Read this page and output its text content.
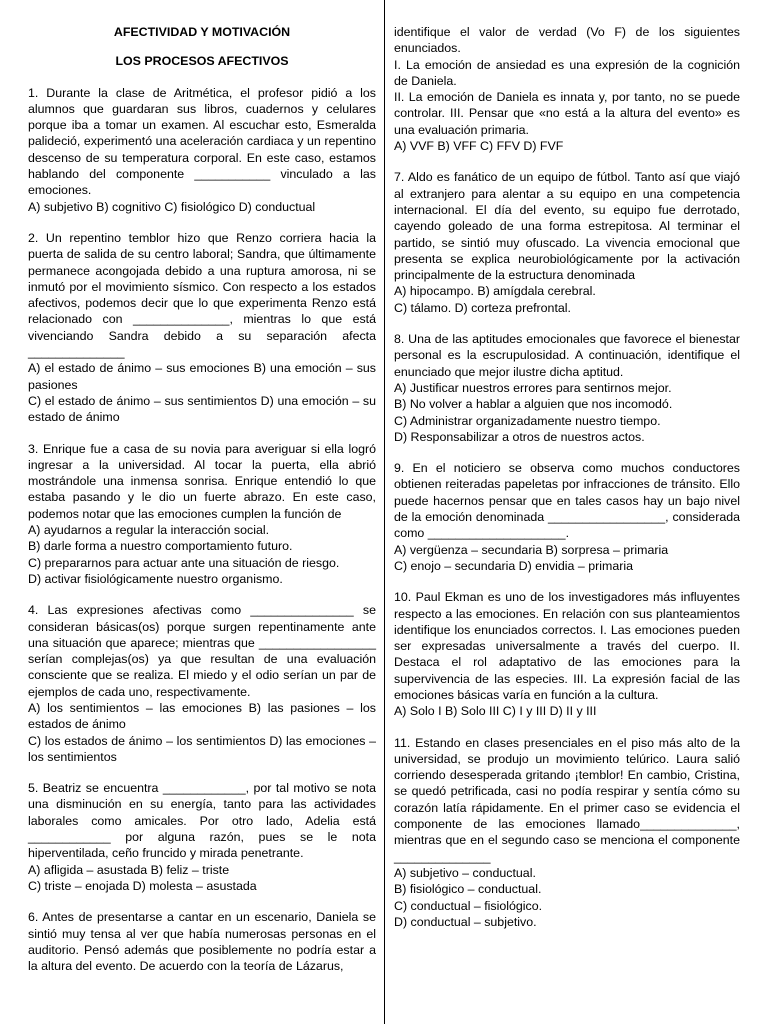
AFECTIVIDAD Y MOTIVACIÓN

LOS PROCESOS AFECTIVOS

1. Durante la clase de Aritmética, el profesor pidió a los alumnos que guardaran sus libros, cuadernos y celulares porque iba a tomar un examen. Al escuchar esto, Esmeralda palideció, experimentó una aceleración cardiaca y un repentino descenso de su temperatura corporal. En este caso, estamos hablando del componente ___________ vinculado a las emociones.

A) subjetivo B) cognitivo C) fisiológico D) conductual

2. Un repentino temblor hizo que Renzo corriera hacia la puerta de salida de su centro laboral; Sandra, que últimamente permanece acongojada debido a una ruptura amorosa, ni se inmutó por el movimiento sísmico. Con respecto a los estados afectivos, podemos decir que lo que experimenta Renzo está relacionado con ______________, mientras lo que está vivenciando Sandra debido a su separación afecta ______________

A) el estado de ánimo – sus emociones B) una emoción – sus pasiones

C) el estado de ánimo – sus sentimientos D) una emoción – su estado de ánimo

3. Enrique fue a casa de su novia para averiguar si ella logró ingresar a la universidad. Al tocar la puerta, ella abrió mostrándole una inmensa sonrisa. Enrique entendió lo que estaba pasando y le dio un fuerte abrazo. En este caso, podemos notar que las emociones cumplen la función de

A) ayudarnos a regular la interacción social.

B) darle forma a nuestro comportamiento futuro.

C) prepararnos para actuar ante una situación de riesgo.

D) activar fisiológicamente nuestro organismo.

4. Las expresiones afectivas como _______________ se consideran básicas(os) porque surgen repentinamente ante una situación que aparece; mientras que _________________ serían complejas(os) ya que resultan de una evaluación consciente que se realiza. El miedo y el odio serían un par de ejemplos de cada uno, respectivamente.

A) los sentimientos – las emociones B) las pasiones – los estados de ánimo

C) los estados de ánimo – los sentimientos D) las emociones – los sentimientos

5. Beatriz se encuentra ____________, por tal motivo se nota una disminución en su energía, tanto para las actividades laborales como amicales. Por otro lado, Adelia está ____________ por alguna razón, pues se le nota hiperventilada, ceño fruncido y mirada penetrante.

A) afligida – asustada B) feliz – triste

C) triste – enojada D) molesta – asustada

6. Antes de presentarse a cantar en un escenario, Daniela se sintió muy tensa al ver que había numerosas personas en el auditorio. Pensó además que posiblemente no podría estar a la altura del evento. De acuerdo con la teoría de Lázarus,

identifique el valor de verdad (Vo F) de los siguientes enunciados.

I. La emoción de ansiedad es una expresión de la cognición de Daniela.

II. La emoción de Daniela es innata y, por tanto, no se puede controlar. III. Pensar que «no está a la altura del evento» es una evaluación primaria.

A) VVF B) VFF C) FFV D) FVF

7. Aldo es fanático de un equipo de fútbol. Tanto así que viajó al extranjero para alentar a su equipo en una competencia internacional. El día del evento, su equipo fue derrotado, cayendo goleado de una forma estrepitosa. Al terminar el partido, se sintió muy ofuscado. La vivencia emocional que presenta se explica neurobiológicamente por la activación principalmente de la estructura denominada

A) hipocampo. B) amígdala cerebral.

C) tálamo. D) corteza prefrontal.

8. Una de las aptitudes emocionales que favorece el bienestar personal es la escrupulosidad. A continuación, identifique el enunciado que mejor ilustre dicha aptitud.

A) Justificar nuestros errores para sentirnos mejor.

B) No volver a hablar a alguien que nos incomodó.

C) Administrar organizadamente nuestro tiempo.

D) Responsabilizar a otros de nuestros actos.

9. En el noticiero se observa como muchos conductores obtienen reiteradas papeletas por infracciones de tránsito. Ello puede hacernos pensar que en tales casos hay un bajo nivel de la emoción denominada _________________, considerada como ____________________.

A) vergüenza – secundaria B) sorpresa – primaria

C) enojo – secundaria D) envidia – primaria

10. Paul Ekman es uno de los investigadores más influyentes respecto a las emociones. En relación con sus planteamientos identifique los enunciados correctos. I. Las emociones pueden ser expresadas universalmente a través del cuerpo. II. Destaca el rol adaptativo de las emociones para la supervivencia de las especies. III. La expresión facial de las emociones básicas varía en función a la cultura.

A) Solo I B) Solo III C) I y III D) II y III

11. Estando en clases presenciales en el piso más alto de la universidad, se produjo un movimiento telúrico. Laura salió corriendo desesperada gritando ¡temblor! En cambio, Cristina, se quedó petrificada, casi no podía respirar y sentía cómo su corazón latía rápidamente. En el primer caso se evidencia el componente de las emociones llamado______________, mientras que en el segundo caso se menciona el componente ______________

A) subjetivo – conductual.

B) fisiológico – conductual.

C) conductual – fisiológico.

D) conductual – subjetivo.
